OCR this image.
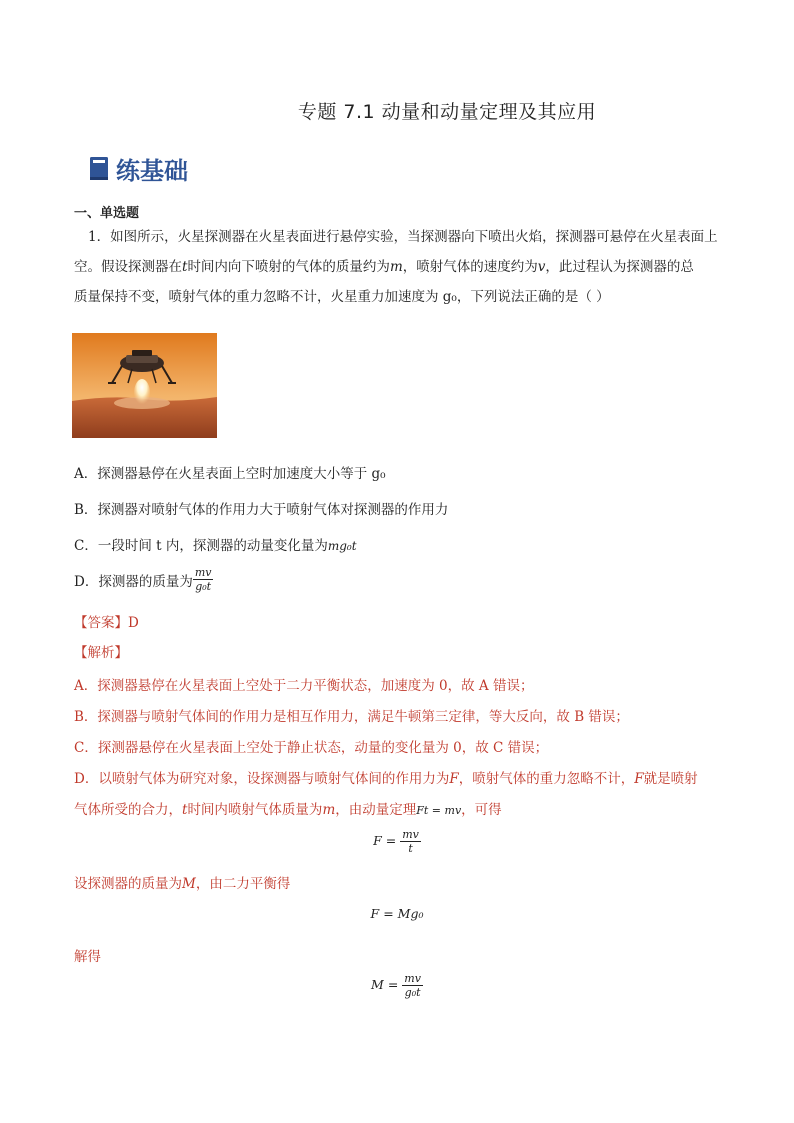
专题 7.1 动量和动量定理及其应用
练基础
一、单选题
1．如图所示，火星探测器在火星表面进行悬停实验，当探测器向下喷出火焰，探测器可悬停在火星表面上
空。假设探测器在t时间内向下喷射的气体的质量约为m，喷射气体的速度约为v，此过程认为探测器的总
质量保持不变，喷射气体的重力忽略不计，火星重力加速度为 g₀，下列说法正确的是（ ）
A．探测器悬停在火星表面上空时加速度大小等于 g₀
B．探测器对喷射气体的作用力大于喷射气体对探测器的作用力
C．一段时间 t 内，探测器的动量变化量为mg₀t
D．探测器的质量为 $\frac{mv}{\text{g₀t}}$
【答案】D
【解析】
A．探测器悬停在火星表面上空处于二力平衡状态，加速度为 0，故 A 错误；
B．探测器与喷射气体间的作用力是相互作用力，满足牛顿第三定律，等大反向，故 B 错误；
C．探测器悬停在火星表面上空处于静止状态，动量的变化量为 0，故 C 错误；
D．以喷射气体为研究对象，设探测器与喷射气体间的作用力为F，喷射气体的重力忽略不计，F就是喷射
气体所受的合力，t时间内喷射气体质量为m，由动量定理Ft = mv，可得
$F = \frac{mv}{t}$
设探测器的质量为M，由二力平衡得
F = Mg₀
解得
$M = \frac{mv}{\text{g₀t}}$
